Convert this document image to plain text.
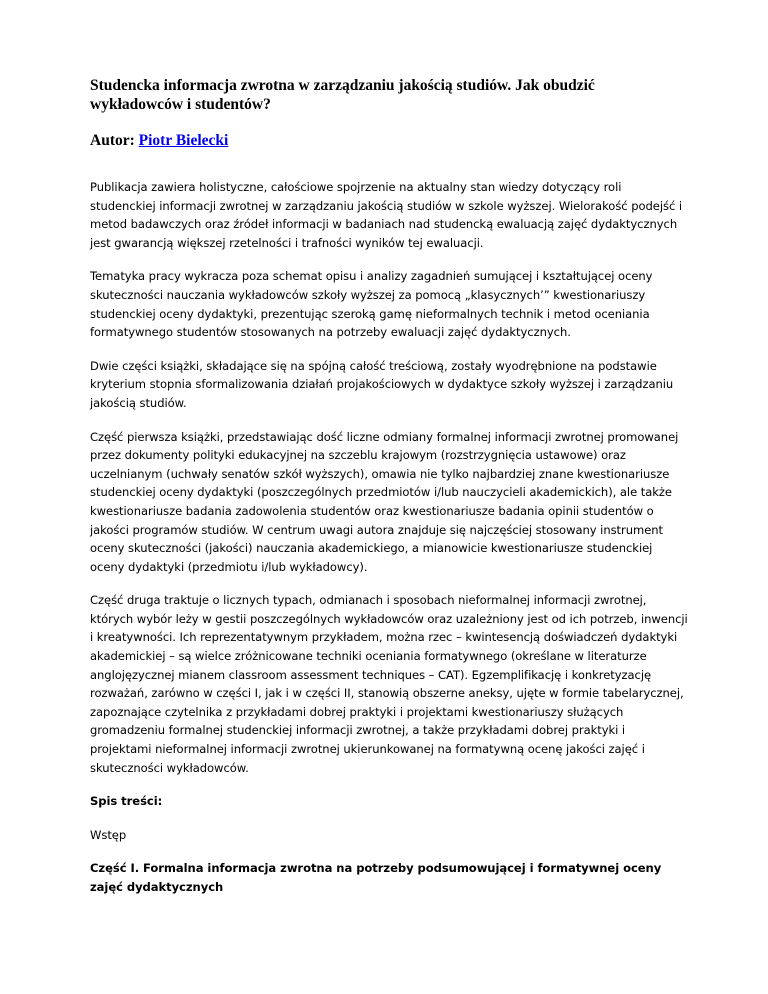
Studencka informacja zwrotna w zarządzaniu jakością studiów. Jak obudzić wykładowców i studentów?
Autor: Piotr Bielecki

Publikacja zawiera holistyczne, całościowe spojrzenie na aktualny stan wiedzy dotyczący roli studenckiej informacji zwrotnej w zarządzaniu jakością studiów w szkole wyższej. Wielorakość podejść i metod badawczych oraz źródeł informacji w badaniach nad studencką ewaluacją zajęć dydaktycznych jest gwarancją większej rzetelności i trafności wyników tej ewaluacji.

Tematyka pracy wykracza poza schemat opisu i analizy zagadnień sumującej i kształtującej oceny skuteczności nauczania wykładowców szkoły wyższej za pomocą „klasycznych’” kwestionariuszy studenckiej oceny dydaktyki, prezentując szeroką gamę nieformalnych technik i metod oceniania formatywnego studentów stosowanych na potrzeby ewaluacji zajęć dydaktycznych.

Dwie części książki, składające się na spójną całość treściową, zostały wyodrębnione na podstawie kryterium stopnia sformalizowania działań projakościowych w dydaktyce szkoły wyższej i zarządzaniu jakością studiów.

Część pierwsza książki, przedstawiając dość liczne odmiany formalnej informacji zwrotnej promowanej przez dokumenty polityki edukacyjnej na szczeblu krajowym (rozstrzygnięcia ustawowe) oraz uczelnianym (uchwały senatów szkół wyższych), omawia nie tylko najbardziej znane kwestionariusze studenckiej oceny dydaktyki (poszczególnych przedmiotów i/lub nauczycieli akademickich), ale także kwestionariusze badania zadowolenia studentów oraz kwestionariusze badania opinii studentów o jakości programów studiów. W centrum uwagi autora znajduje się najczęściej stosowany instrument oceny skuteczności (jakości) nauczania akademickiego, a mianowicie kwestionariusze studenckiej oceny dydaktyki (przedmiotu i/lub wykładowcy).

Część druga traktuje o licznych typach, odmianach i sposobach nieformalnej informacji zwrotnej, których wybór leży w gestii poszczególnych wykładowców oraz uzależniony jest od ich potrzeb, inwencji i kreatywności. Ich reprezentatywnym przykładem, można rzec – kwintesencją doświadczeń dydaktyki akademickiej – są wielce zróżnicowane techniki oceniania formatywnego (określane w literaturze anglojęzycznej mianem classroom assessment techniques – CAT). Egzemplifikację i konkretyzację rozważań, zarówno w części I, jak i w części II, stanowią obszerne aneksy, ujęte w formie tabelarycznej, zapoznające czytelnika z przykładami dobrej praktyki i projektami kwestionariuszy służących gromadzeniu formalnej studenckiej informacji zwrotnej, a także przykładami dobrej praktyki i projektami nieformalnej informacji zwrotnej ukierunkowanej na formatywną ocenę jakości zajęć i skuteczności wykładowców.

Spis treści:

Wstęp

Część I. Formalna informacja zwrotna na potrzeby podsumowującej i formatywnej oceny zajęć dydaktycznych
